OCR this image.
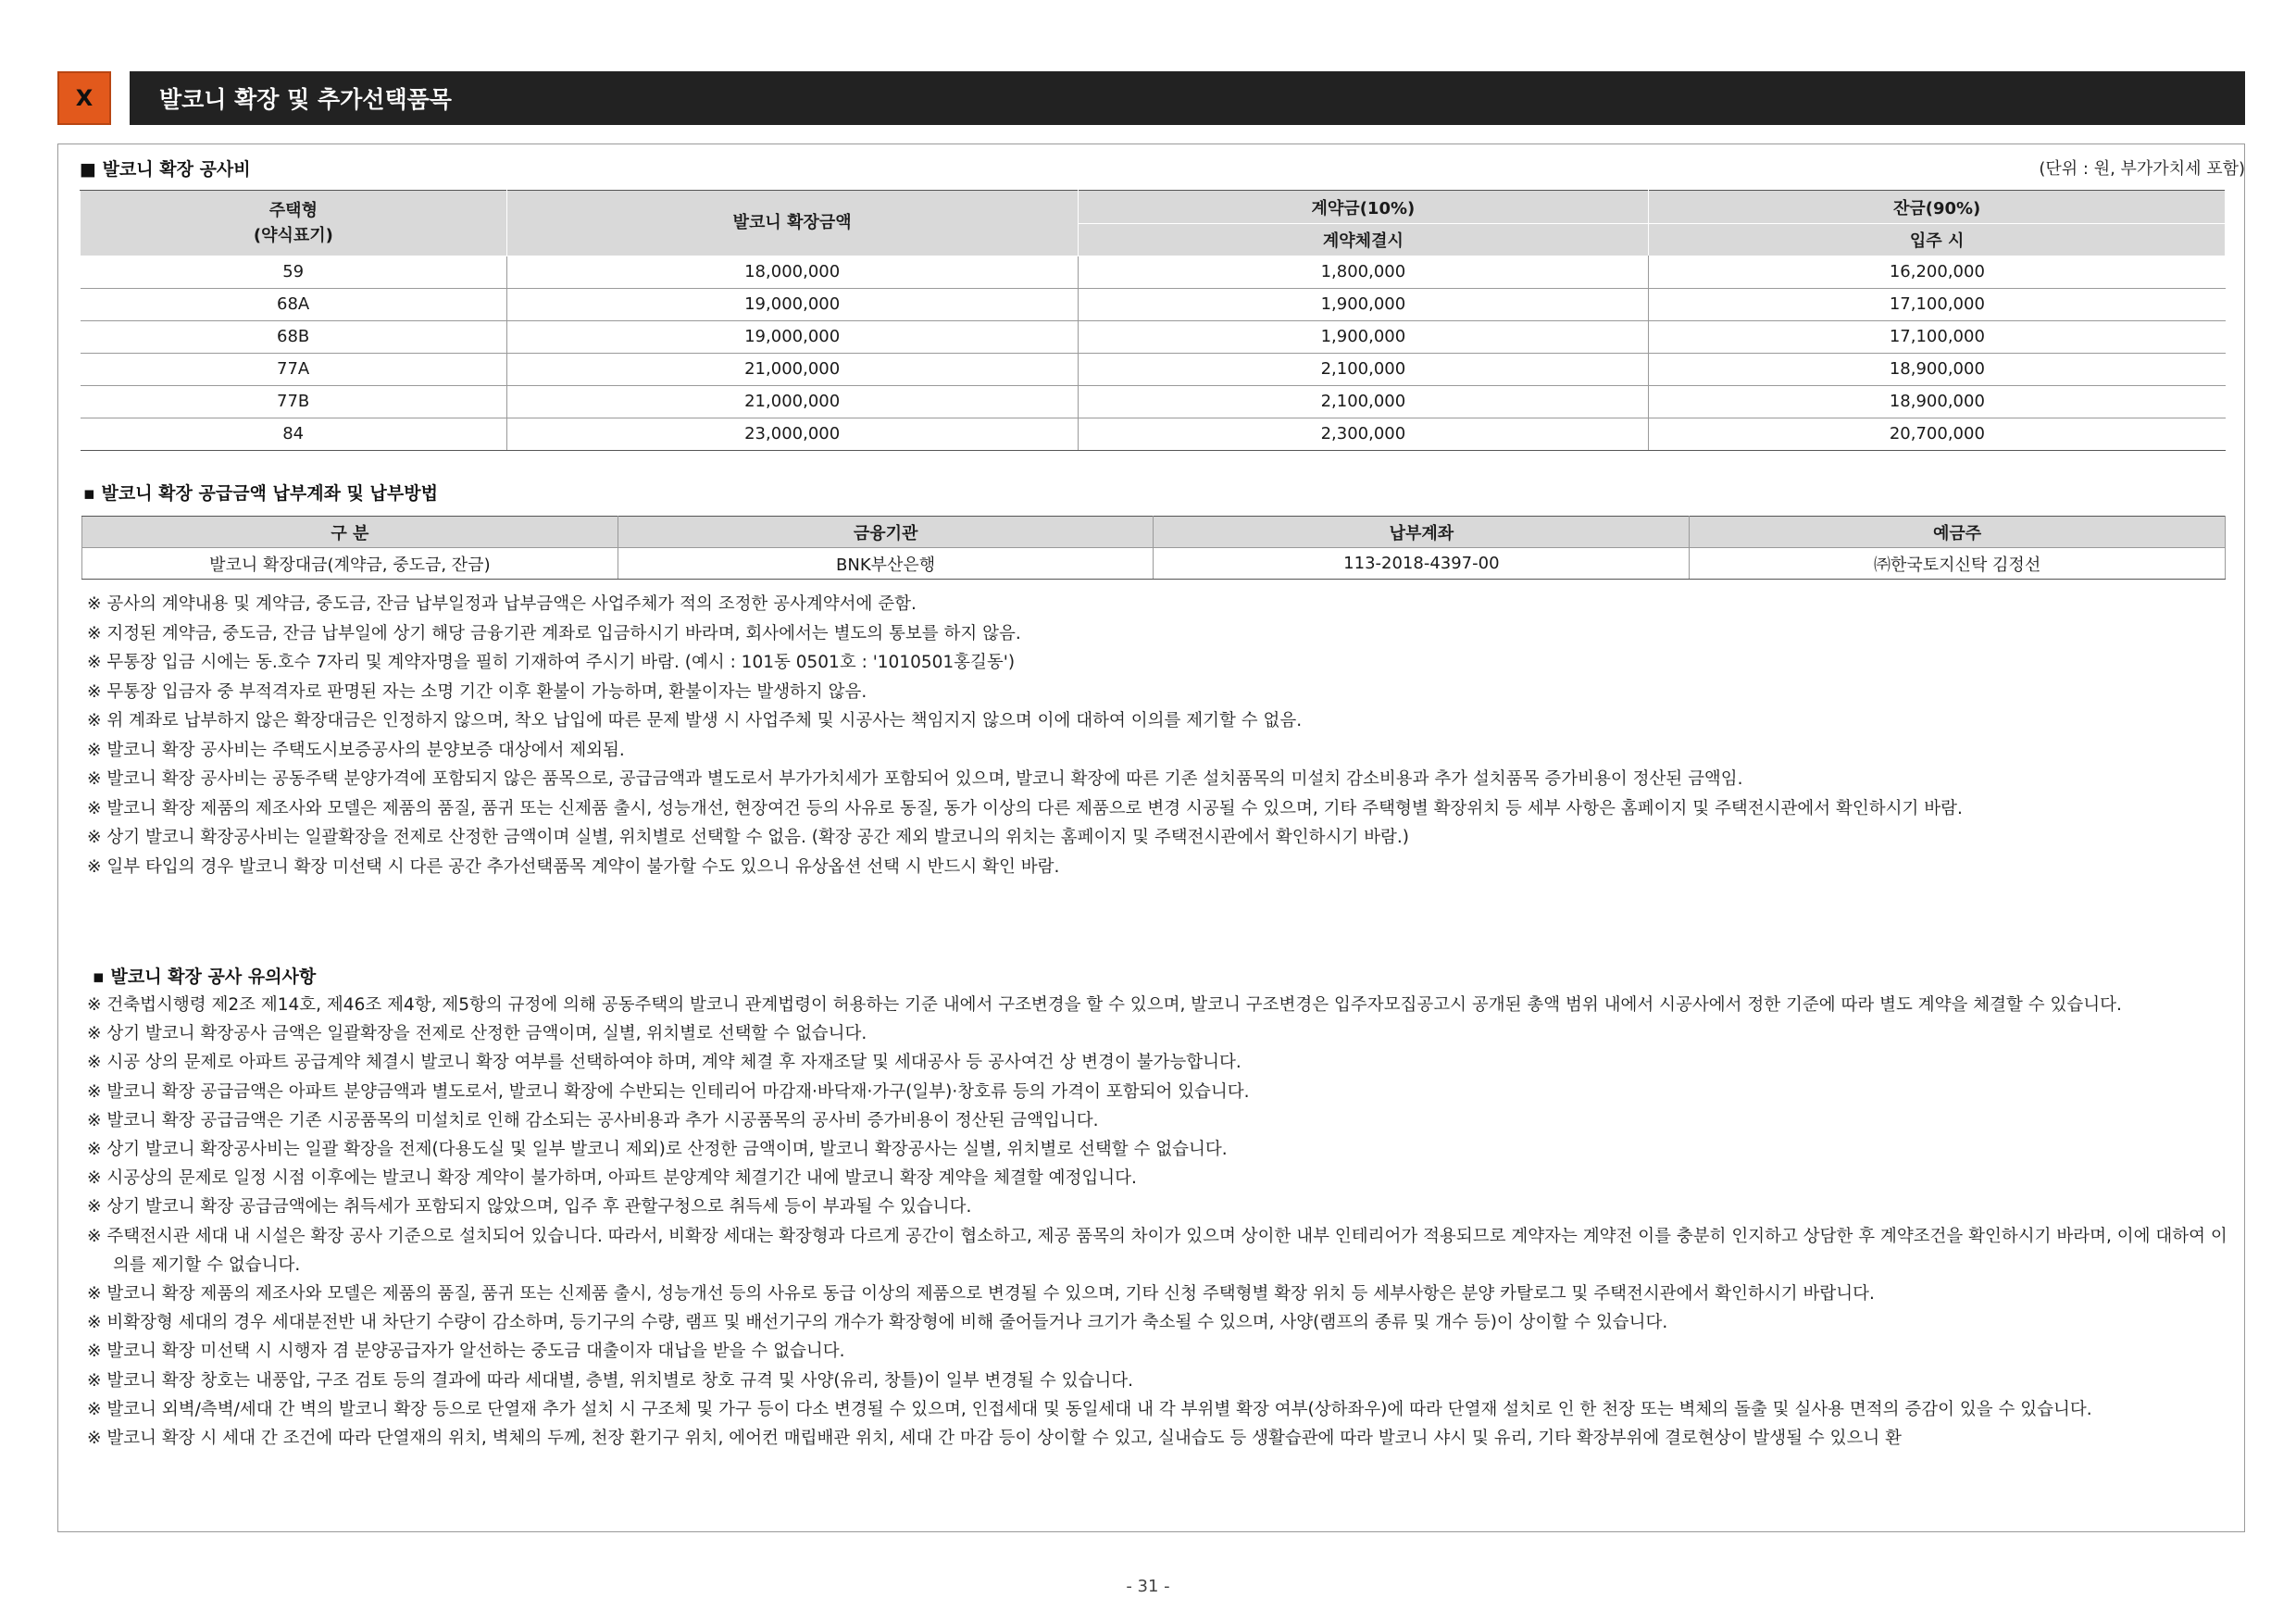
X	발코니 확장 및 추가선택품목
■ 발코니 확장 공사비	(단위 : 원, 부가가치세 포함)
주택형
(약식표기)	발코니 확장금액	계약금(10%)	잔금(90%)
		계약체결시	입주 시
59	18,000,000	1,800,000	16,200,000
68A	19,000,000	1,900,000	17,100,000
68B	19,000,000	1,900,000	17,100,000
77A	21,000,000	2,100,000	18,900,000
77B	21,000,000	2,100,000	18,900,000
84	23,000,000	2,300,000	20,700,000
▪ 발코니 확장 공급금액 납부계좌 및 납부방법
구 분	금융기관	납부계좌	예금주
발코니 확장대금(계약금, 중도금, 잔금)	BNK부산은행	113-2018-4397-00	㈜한국토지신탁 김정선
※ 공사의 계약내용 및 계약금, 중도금, 잔금 납부일정과 납부금액은 사업주체가 적의 조정한 공사계약서에 준함.
※ 지정된 계약금, 중도금, 잔금 납부일에 상기 해당 금융기관 계좌로 입금하시기 바라며, 회사에서는 별도의 통보를 하지 않음.
※ 무통장 입금 시에는 동.호수 7자리 및 계약자명을 필히 기재하여 주시기 바람. (예시 : 101동 0501호 : '1010501홍길동')
※ 무통장 입금자 중 부적격자로 판명된 자는 소명 기간 이후 환불이 가능하며, 환불이자는 발생하지 않음.
※ 위 계좌로 납부하지 않은 확장대금은 인정하지 않으며, 착오 납입에 따른 문제 발생 시 사업주체 및 시공사는 책임지지 않으며 이에 대하여 이의를 제기할 수 없음.
※ 발코니 확장 공사비는 주택도시보증공사의 분양보증 대상에서 제외됨.
※ 발코니 확장 공사비는 공동주택 분양가격에 포함되지 않은 품목으로, 공급금액과 별도로서 부가가치세가 포함되어 있으며, 발코니 확장에 따른 기존 설치품목의 미설치 감소비용과 추가 설치품목 증가비용이 정산된 금액임.
※ 발코니 확장 제품의 제조사와 모델은 제품의 품질, 품귀 또는 신제품 출시, 성능개선, 현장여건 등의 사유로 동질, 동가 이상의 다른 제품으로 변경 시공될 수 있으며, 기타 주택형별 확장위치 등 세부 사항은 홈페이지 및 주택전시관에서 확인하시기 바람.
※ 상기 발코니 확장공사비는 일괄확장을 전제로 산정한 금액이며 실별, 위치별로 선택할 수 없음. (확장 공간 제외 발코니의 위치는 홈페이지 및 주택전시관에서 확인하시기 바람.)
※ 일부 타입의 경우 발코니 확장 미선택 시 다른 공간 추가선택품목 계약이 불가할 수도 있으니 유상옵션 선택 시 반드시 확인 바람.
▪ 발코니 확장 공사 유의사항
※ 건축법시행령 제2조 제14호, 제46조 제4항, 제5항의 규정에 의해 공동주택의 발코니 관계법령이 허용하는 기준 내에서 구조변경을 할 수 있으며, 발코니 구조변경은 입주자모집공고시 공개된 총액 범위 내에서 시공사에서 정한 기준에 따라 별도 계약을 체결할 수 있습니다.
※ 상기 발코니 확장공사 금액은 일괄확장을 전제로 산정한 금액이며, 실별, 위치별로 선택할 수 없습니다.
※ 시공 상의 문제로 아파트 공급계약 체결시 발코니 확장 여부를 선택하여야 하며, 계약 체결 후 자재조달 및 세대공사 등 공사여건 상 변경이 불가능합니다.
※ 발코니 확장 공급금액은 아파트 분양금액과 별도로서, 발코니 확장에 수반되는 인테리어 마감재·바닥재·가구(일부)·창호류 등의 가격이 포함되어 있습니다.
※ 발코니 확장 공급금액은 기존 시공품목의 미설치로 인해 감소되는 공사비용과 추가 시공품목의 공사비 증가비용이 정산된 금액입니다.
※ 상기 발코니 확장공사비는 일괄 확장을 전제(다용도실 및 일부 발코니 제외)로 산정한 금액이며, 발코니 확장공사는 실별, 위치별로 선택할 수 없습니다.
※ 시공상의 문제로 일정 시점 이후에는 발코니 확장 계약이 불가하며, 아파트 분양계약 체결기간 내에 발코니 확장 계약을 체결할 예정입니다.
※ 상기 발코니 확장 공급금액에는 취득세가 포함되지 않았으며, 입주 후 관할구청으로 취득세 등이 부과될 수 있습니다.
※ 주택전시관 세대 내 시설은 확장 공사 기준으로 설치되어 있습니다. 따라서, 비확장 세대는 확장형과 다르게 공간이 협소하고, 제공 품목의 차이가 있으며 상이한 내부 인테리어가 적용되므로 계약자는 계약전 이를 충분히 인지하고 상담한 후 계약조건을 확인하시기 바라며, 이에 대하여 이의를 제기할 수 없습니다.
※ 발코니 확장 제품의 제조사와 모델은 제품의 품질, 품귀 또는 신제품 출시, 성능개선 등의 사유로 동급 이상의 제품으로 변경될 수 있으며, 기타 신청 주택형별 확장 위치 등 세부사항은 분양 카탈로그 및 주택전시관에서 확인하시기 바랍니다.
※ 비확장형 세대의 경우 세대분전반 내 차단기 수량이 감소하며, 등기구의 수량, 램프 및 배선기구의 개수가 확장형에 비해 줄어들거나 크기가 축소될 수 있으며, 사양(램프의 종류 및 개수 등)이 상이할 수 있습니다.
※ 발코니 확장 미선택 시 시행자 겸 분양공급자가 알선하는 중도금 대출이자 대납을 받을 수 없습니다.
※ 발코니 확장 창호는 내풍압, 구조 검토 등의 결과에 따라 세대별, 층별, 위치별로 창호 규격 및 사양(유리, 창틀)이 일부 변경될 수 있습니다.
※ 발코니 외벽/측벽/세대 간 벽의 발코니 확장 등으로 단열재 추가 설치 시 구조체 및 가구 등이 다소 변경될 수 있으며, 인접세대 및 동일세대 내 각 부위별 확장 여부(상하좌우)에 따라 단열재 설치로 인 한 천장 또는 벽체의 돌출 및 실사용 면적의 증감이 있을 수 있습니다.
※ 발코니 확장 시 세대 간 조건에 따라 단열재의 위치, 벽체의 두께, 천장 환기구 위치, 에어컨 매립배관 위치, 세대 간 마감 등이 상이할 수 있고, 실내습도 등 생활습관에 따라 발코니 샤시 및 유리, 기타 확장부위에 결로현상이 발생될 수 있으니 환
- 31 -
